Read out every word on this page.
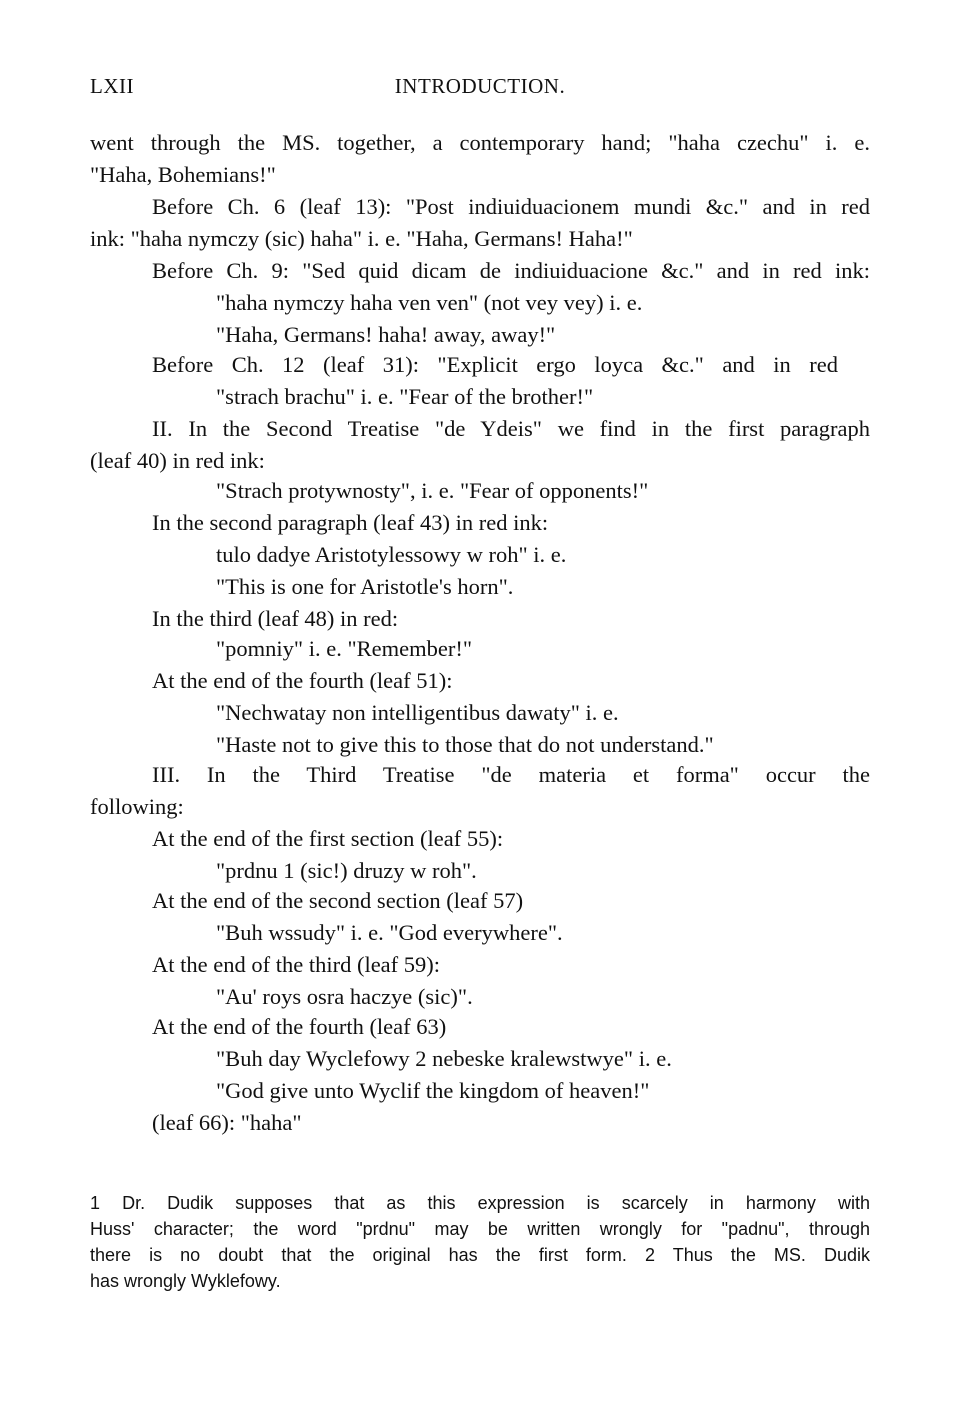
LXII	INTRODUCTION.
went through the MS. together, a contemporary hand; "haha czechu" i. e.
"Haha, Bohemians!"
Before Ch. 6 (leaf 13): "Post indiuiduacionem mundi &c." and in red
ink: "haha nymczy (sic) haha" i. e. "Haha, Germans! Haha!"
Before Ch. 9: "Sed quid dicam de indiuiduacione &c." and in red ink:
"haha nymczy haha ven ven" (not vey vey) i. e.
"Haha, Germans! haha! away, away!"
Before Ch. 12 (leaf 31): "Explicit ergo loyca &c." and in red
"strach brachu" i. e. "Fear of the brother!"
II. In the Second Treatise "de Ydeis" we find in the first paragraph
(leaf 40) in red ink:
"Strach protywnosty", i. e. "Fear of opponents!"
In the second paragraph (leaf 43) in red ink:
tulo dadye Aristotylessowy w roh" i. e.
"This is one for Aristotle's horn".
In the third (leaf 48) in red:
"pomniy" i. e. "Remember!"
At the end of the fourth (leaf 51):
"Nechwatay non intelligentibus dawaty" i. e.
"Haste not to give this to those that do not understand."
III. In the Third Treatise "de materia et forma" occur the
following:
At the end of the first section (leaf 55):
"prdnu 1 (sic!) druzy w roh".
At the end of the second section (leaf 57)
"Buh wssudy" i. e. "God everywhere".
At the end of the third (leaf 59):
"Au' roys osra haczye (sic)".
At the end of the fourth (leaf 63)
"Buh day Wyclefowy 2 nebeske kralewstwye" i. e.
"God give unto Wyclif the kingdom of heaven!"
(leaf 66): "haha"
1 Dr. Dudik supposes that as this expression is scarcely in harmony with
Huss' character; the word "prdnu" may be written wrongly for "padnu", through
there is no doubt that the original has the first form. 2 Thus the MS. Dudik
has wrongly Wyklefowy.
